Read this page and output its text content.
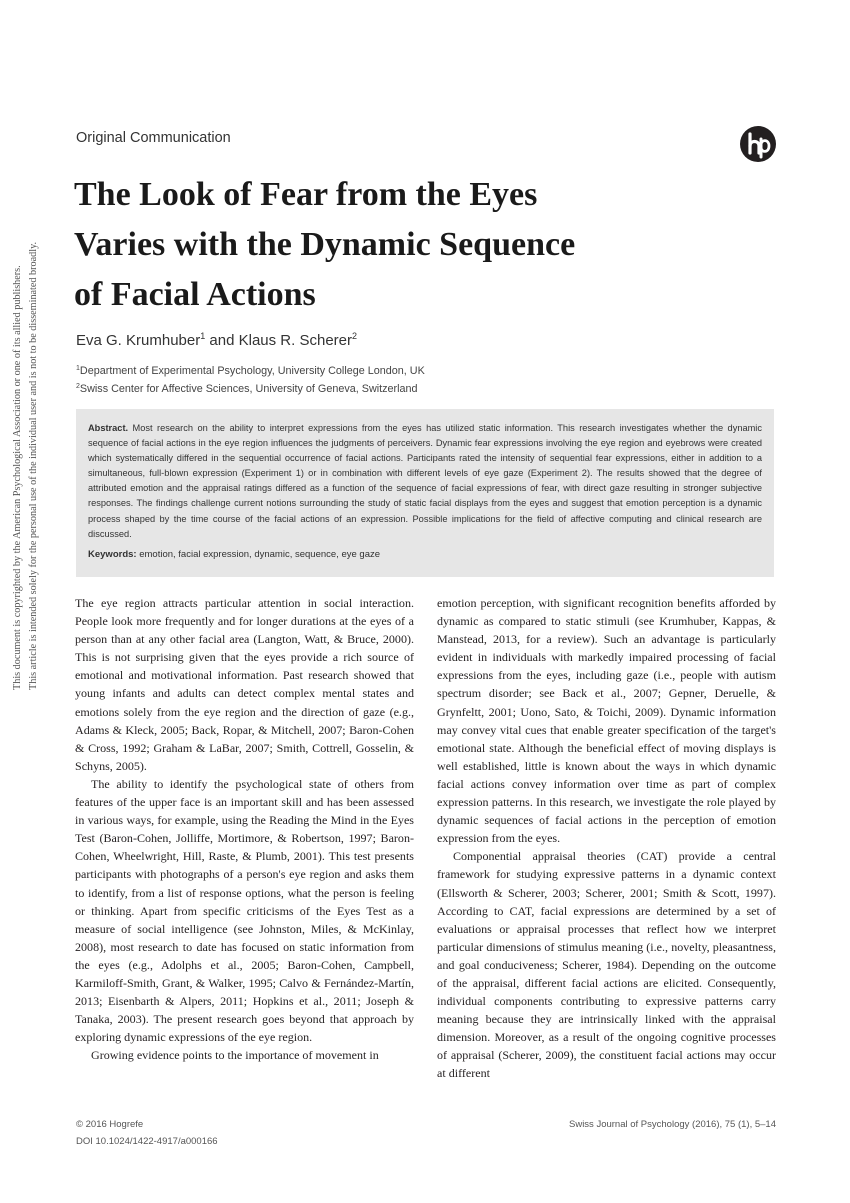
This document is copyrighted by the American Psychological Association or one of its allied publishers. This article is intended solely for the personal use of the individual user and is not to be disseminated broadly.
Original Communication
The Look of Fear from the Eyes
Varies with the Dynamic Sequence
of Facial Actions
Eva G. Krumhuber$^1$ and Klaus R. Scherer$^2$
$^1$Department of Experimental Psychology, University College London, UK
$^2$Swiss Center for Affective Sciences, University of Geneva, Switzerland
Abstract. Most research on the ability to interpret expressions from the eyes has utilized static information. This research investigates whether the dynamic sequence of facial actions in the eye region influences the judgments of perceivers. Dynamic fear expressions involving the eye region and eyebrows were created which systematically differed in the sequential occurrence of facial actions. Participants rated the intensity of sequential fear expressions, either in addition to a simultaneous, full-blown expression (Experiment 1) or in combination with different levels of eye gaze (Experiment 2). The results showed that the degree of attributed emotion and the appraisal ratings differed as a function of the sequence of facial expressions of fear, with direct gaze resulting in stronger subjective responses. The findings challenge current notions surrounding the study of static facial displays from the eyes and suggest that emotion perception is a dynamic process shaped by the time course of the facial actions of an expression. Possible implications for the field of affective computing and clinical research are discussed.
Keywords: emotion, facial expression, dynamic, sequence, eye gaze

The eye region attracts particular attention in social interaction. People look more frequently and for longer durations at the eyes of a person than at any other facial area (Langton, Watt, & Bruce, 2000). This is not surprising given that the eyes provide a rich source of emotional and motivational information. Past research showed that young infants and adults can detect complex mental states and emotions solely from the eye region and the direction of gaze (e.g., Adams & Kleck, 2005; Back, Ropar, & Mitchell, 2007; Baron-Cohen & Cross, 1992; Graham & LaBar, 2007; Smith, Cottrell, Gosselin, & Schyns, 2005).

The ability to identify the psychological state of others from features of the upper face is an important skill and has been assessed in various ways, for example, using the Reading the Mind in the Eyes Test (Baron-Cohen, Jolliffe, Mortimore, & Robertson, 1997; Baron-Cohen, Wheelwright, Hill, Raste, & Plumb, 2001). This test presents participants with photographs of a person's eye region and asks them to identify, from a list of response options, what the person is feeling or thinking. Apart from specific criticisms of the Eyes Test as a measure of social intelligence (see Johnston, Miles, & McKinlay, 2008), most research to date has focused on static information from the eyes (e.g., Adolphs et al., 2005; Baron-Cohen, Campbell, Karmiloff-Smith, Grant, & Walker, 1995; Calvo & Fernández-Martín, 2013; Eisenbarth & Alpers, 2011; Hopkins et al., 2011; Joseph & Tanaka, 2003). The present research goes beyond that approach by exploring dynamic expressions of the eye region.

Growing evidence points to the importance of movement in

emotion perception, with significant recognition benefits afforded by dynamic as compared to static stimuli (see Krumhuber, Kappas, & Manstead, 2013, for a review). Such an advantage is particularly evident in individuals with markedly impaired processing of facial expressions from the eyes, including gaze (i.e., people with autism spectrum disorder; see Back et al., 2007; Gepner, Deruelle, & Grynfeltt, 2001; Uono, Sato, & Toichi, 2009). Dynamic information may convey vital cues that enable greater specification of the target's emotional state. Although the beneficial effect of moving displays is well established, little is known about the ways in which dynamic facial actions convey information over time as part of complex expression patterns. In this research, we investigate the role played by dynamic sequences of facial actions in the perception of emotion expression from the eyes.

Componential appraisal theories (CAT) provide a central framework for studying expressive patterns in a dynamic context (Ellsworth & Scherer, 2003; Scherer, 2001; Smith & Scott, 1997). According to CAT, facial expressions are determined by a set of evaluations or appraisal processes that reflect how we interpret particular dimensions of stimulus meaning (i.e., novelty, pleasantness, and goal conduciveness; Scherer, 1984). Depending on the outcome of the appraisal, different facial actions are elicited. Consequently, individual components contributing to expressive patterns carry meaning because they are intrinsically linked with the appraisal dimension. Moreover, as a result of the ongoing cognitive processes of appraisal (Scherer, 2009), the constituent facial actions may occur at different

© 2016 Hogrefe
DOI 10.1024/1422-4917/a000166
Swiss Journal of Psychology (2016), 75 (1), 5–14
